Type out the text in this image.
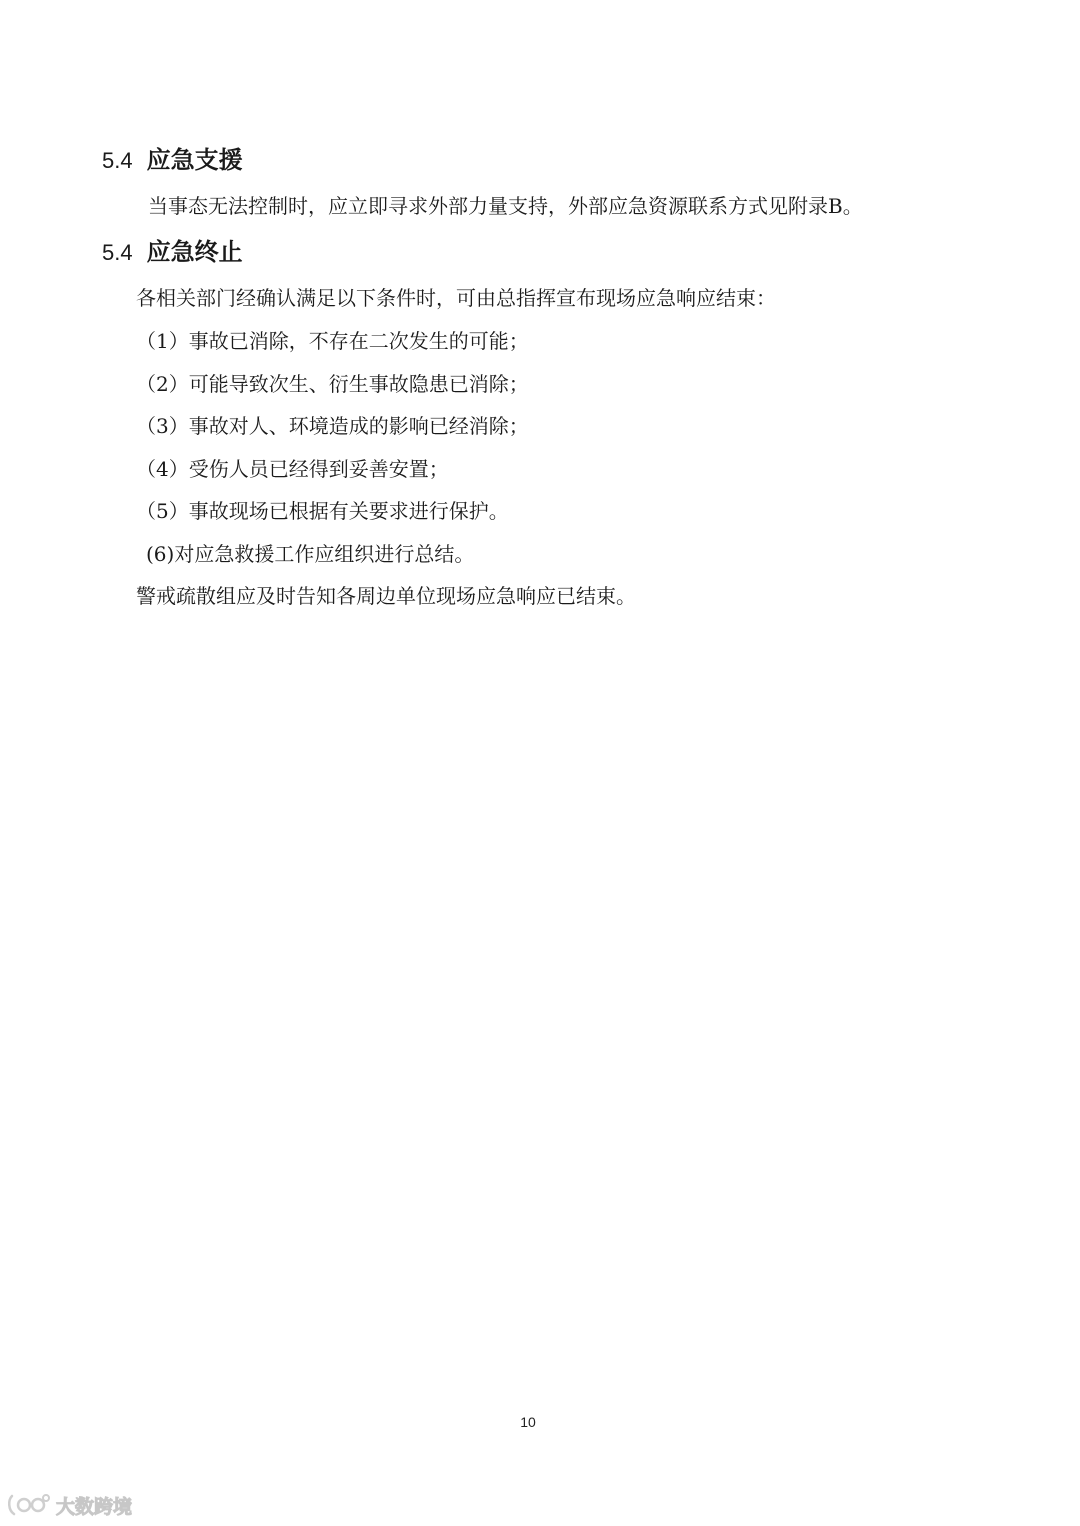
5.4 应急支援
当事态无法控制时，应立即寻求外部力量支持，外部应急资源联系方式见附录B。
5.4 应急终止
各相关部门经确认满足以下条件时，可由总指挥宣布现场应急响应结束：
（1）事故已消除，不存在二次发生的可能；
（2）可能导致次生、衍生事故隐患已消除；
（3）事故对人、环境造成的影响已经消除；
（4）受伤人员已经得到妥善安置；
（5）事故现场已根据有关要求进行保护。
(6)对应急救援工作应组织进行总结。
警戒疏散组应及时告知各周边单位现场应急响应已结束。
10
大数跨境
